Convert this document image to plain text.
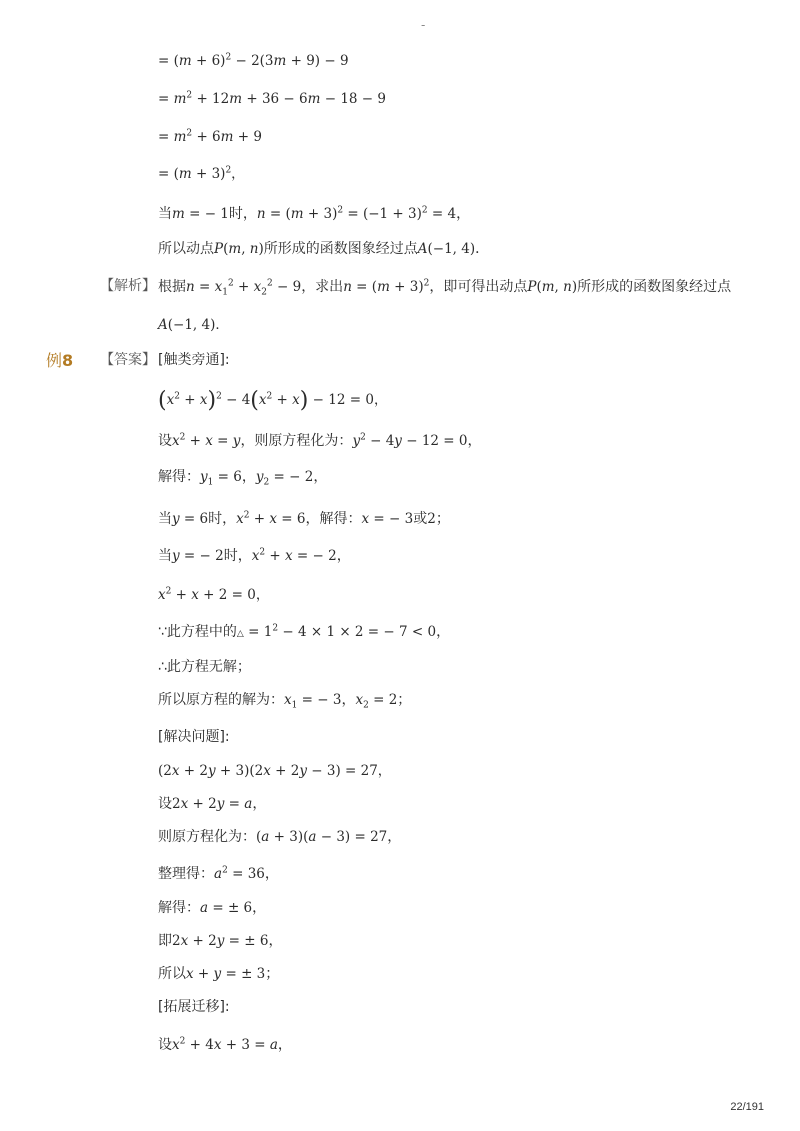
-
= $(m + 6)^2 - 2(3m + 9) - 9$
= $m^2 + 12m + 36 - 6m - 18 - 9$
= $m^2 + 6m + 9$
= $(m + 3)^2$，
当m = − 1时，$n = (m + 3)^2 = (-1 + 3)^2 = 4$，
所以动点P(m, n)所形成的函数图象经过点A(−1, 4)．
【解析】 根据$n = x_1^2 + x_2^2 - 9$，求出$n = (m + 3)^2$，即可得出动点P(m, n)所形成的函数图象经过点
A(−1, 4)．
例8 【答案】 [触类旁通]:
$(x^2 + x)^2 - 4(x^2 + x) - 12 = 0$，
设$x^2 + x = y$，则原方程化为：$y^2 - 4y - 12 = 0$，
解得：$y_1 = 6$，$y_2$ = − 2，
当y = 6时，$x^2 + x = 6$，解得：x = − 3或2；
当y = − 2时，$x^2 + x$ = − 2，
$x^2 + x + 2 = 0$，
∵此方程中的△ = $1^2 - 4 \times 1 \times 2$ = − 7 < 0，
∴此方程无解；
所以原方程的解为：$x_1$ = − 3，$x_2 = 2$；
[解决问题]:
(2x + 2y + 3)(2x + 2y − 3) = 27，
设2x + 2y = a，
则原方程化为：(a + 3)(a − 3) = 27，
整理得：$a^2 = 36$，
解得：a = ± 6，
即2x + 2y = ± 6，
所以x + y = ± 3；
[拓展迁移]:
设$x^2 + 4x + 3 = a$，
22/191
